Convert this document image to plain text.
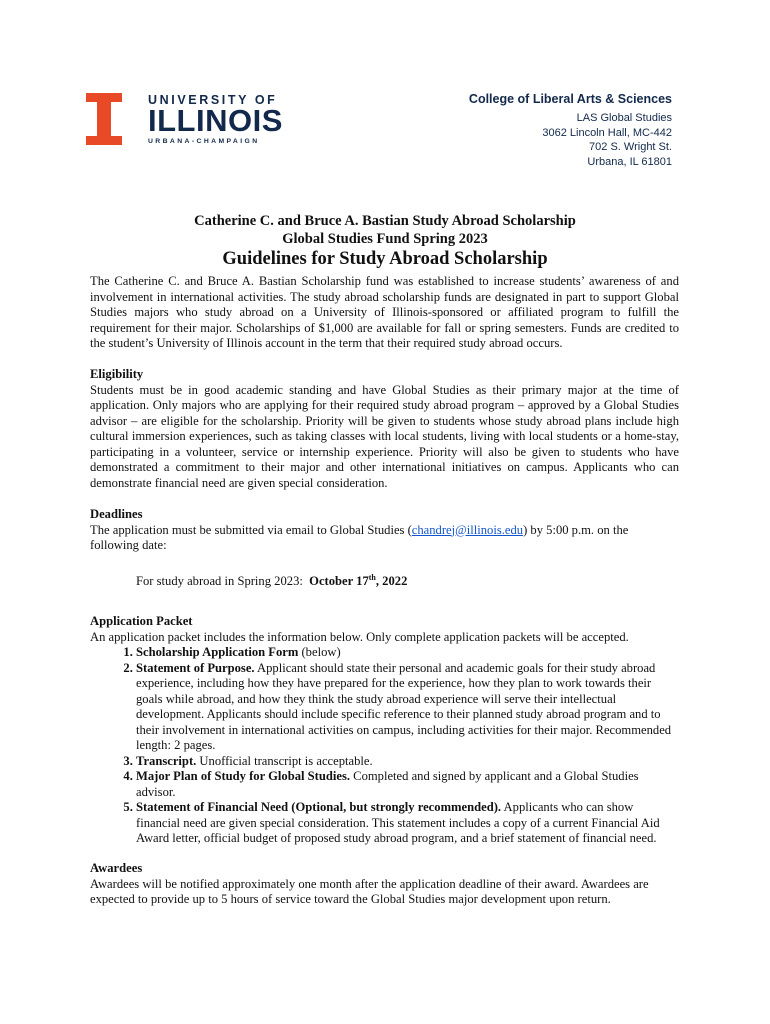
UNIVERSITY OF
ILLINOIS
URBANA-CHAMPAIGN
College of Liberal Arts & Sciences
LAS Global Studies
3062 Lincoln Hall, MC-442
702 S. Wright St.
Urbana, IL 61801
Catherine C. and Bruce A. Bastian Study Abroad Scholarship
Global Studies Fund Spring 2023
Guidelines for Study Abroad Scholarship

The Catherine C. and Bruce A. Bastian Scholarship fund was established to increase students’ awareness of and involvement in international activities. The study abroad scholarship funds are designated in part to support Global Studies majors who study abroad on a University of Illinois-sponsored or affiliated program to fulfill the requirement for their major. Scholarships of $1,000 are available for fall or spring semesters. Funds are credited to the student’s University of Illinois account in the term that their required study abroad occurs.

Eligibility

Students must be in good academic standing and have Global Studies as their primary major at the time of application. Only majors who are applying for their required study abroad program – approved by a Global Studies advisor – are eligible for the scholarship. Priority will be given to students whose study abroad plans include high cultural immersion experiences, such as taking classes with local students, living with local students or a home-stay, participating in a volunteer, service or internship experience. Priority will also be given to students who have demonstrated a commitment to their major and other international initiatives on campus. Applicants who can demonstrate financial need are given special consideration.

Deadlines

The application must be submitted via email to Global Studies (chandrej@illinois.edu) by 5:00 p.m. on the following date:

For study abroad in Spring 2023: October 17th, 2022

Application Packet

An application packet includes the information below. Only complete application packets will be accepted.

1. Scholarship Application Form (below)
2. Statement of Purpose. Applicant should state their personal and academic goals for their study abroad experience, including how they have prepared for the experience, how they plan to work towards their goals while abroad, and how they think the study abroad experience will serve their intellectual development. Applicants should include specific reference to their planned study abroad program and to their involvement in international activities on campus, including activities for their major. Recommended length: 2 pages.
3. Transcript. Unofficial transcript is acceptable.
4. Major Plan of Study for Global Studies. Completed and signed by applicant and a Global Studies advisor.
5. Statement of Financial Need (Optional, but strongly recommended). Applicants who can show financial need are given special consideration. This statement includes a copy of a current Financial Aid Award letter, official budget of proposed study abroad program, and a brief statement of financial need.

Awardees

Awardees will be notified approximately one month after the application deadline of their award. Awardees are expected to provide up to 5 hours of service toward the Global Studies major development upon return.
